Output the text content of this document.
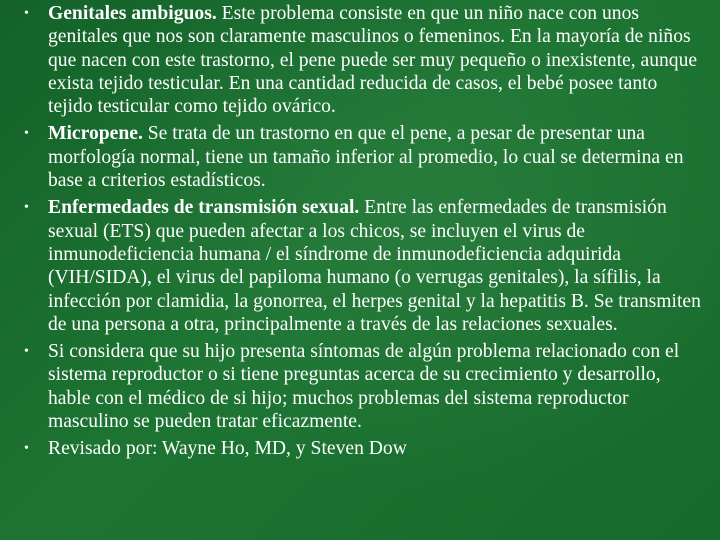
• Genitales ambiguos. Este problema consiste en que un niño nace con unos genitales que nos son claramente masculinos o femeninos. En la mayoría de niños que nacen con este trastorno, el pene puede ser muy pequeño o inexistente, aunque exista tejido testicular. En una cantidad reducida de casos, el bebé posee tanto tejido testicular como tejido ovárico.
• Micropene. Se trata de un trastorno en que el pene, a pesar de presentar una morfología normal, tiene un tamaño inferior al promedio, lo cual se determina en base a criterios estadísticos.
• Enfermedades de transmisión sexual. Entre las enfermedades de transmisión sexual (ETS) que pueden afectar a los chicos, se incluyen el virus de inmunodeficiencia humana / el síndrome de inmunodeficiencia adquirida (VIH/SIDA), el virus del papiloma humano (o verrugas genitales), la sífilis, la infección por clamidia, la gonorrea, el herpes genital y la hepatitis B. Se transmiten de una persona a otra, principalmente a través de las relaciones sexuales.
• Si considera que su hijo presenta síntomas de algún problema relacionado con el sistema reproductor o si tiene preguntas acerca de su crecimiento y desarrollo, hable con el médico de si hijo; muchos problemas del sistema reproductor masculino se pueden tratar eficazmente.
• Revisado por: Wayne Ho, MD, y Steven Dow
